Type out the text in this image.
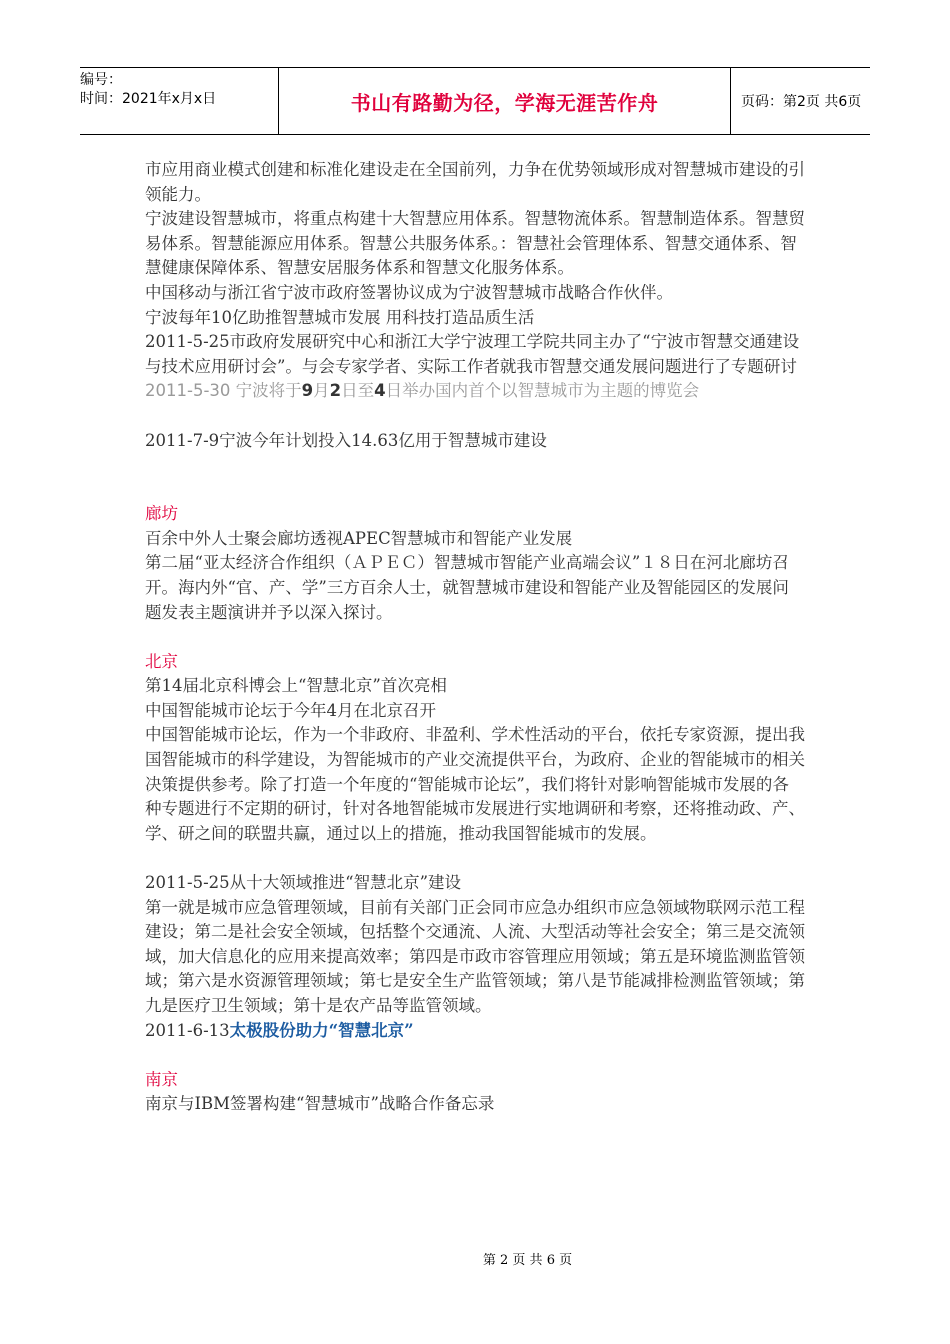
编号：
时间：2021年x月x日	书山有路勤为径，学海无涯苦作舟	页码：第2页 共6页

市应用商业模式创建和标准化建设走在全国前列，力争在优势领域形成对智慧城市建设的引领能力。

宁波建设智慧城市，将重点构建十大智慧应用体系。智慧物流体系。智慧制造体系。智慧贸易体系。智慧能源应用体系。智慧公共服务体系。：智慧社会管理体系、智慧交通体系、智慧健康保障体系、智慧安居服务体系和智慧文化服务体系。

中国移动与浙江省宁波市政府签署协议成为宁波智慧城市战略合作伙伴。

宁波每年10亿助推智慧城市发展 用科技打造品质生活

2011-5-25市政府发展研究中心和浙江大学宁波理工学院共同主办了“宁波市智慧交通建设与技术应用研讨会”。与会专家学者、实际工作者就我市智慧交通发展问题进行了专题研讨

2011-5-30 宁波将于9月2日至4日举办国内首个以智慧城市为主题的博览会

2011-7-9宁波今年计划投入14.63亿用于智慧城市建设

廊坊

百余中外人士聚会廊坊透视APEC智慧城市和智能产业发展

第二届“亚太经济合作组织（ＡＰＥＣ）智慧城市智能产业高端会议”１８日在河北廊坊召开。海内外“官、产、学”三方百余人士，就智慧城市建设和智能产业及智能园区的发展问题发表主题演讲并予以深入探讨。

北京

第14届北京科博会上“智慧北京”首次亮相

中国智能城市论坛于今年4月在北京召开

中国智能城市论坛，作为一个非政府、非盈利、学术性活动的平台，依托专家资源，提出我国智能城市的科学建设，为智能城市的产业交流提供平台，为政府、企业的智能城市的相关决策提供参考。除了打造一个年度的“智能城市论坛”，我们将针对影响智能城市发展的各种专题进行不定期的研讨，针对各地智能城市发展进行实地调研和考察，还将推动政、产、学、研之间的联盟共赢，通过以上的措施，推动我国智能城市的发展。

2011-5-25从十大领域推进“智慧北京”建设

第一就是城市应急管理领域，目前有关部门正会同市应急办组织市应急领域物联网示范工程建设；第二是社会安全领域，包括整个交通流、人流、大型活动等社会安全；第三是交流领域，加大信息化的应用来提高效率；第四是市政市容管理应用领域；第五是环境监测监管领域；第六是水资源管理领域；第七是安全生产监管领域；第八是节能减排检测监管领域；第九是医疗卫生领域；第十是农产品等监管领域。

2011-6-13太极股份助力“智慧北京”

南京

南京与IBM签署构建“智慧城市”战略合作备忘录

第 2 页 共 6 页
